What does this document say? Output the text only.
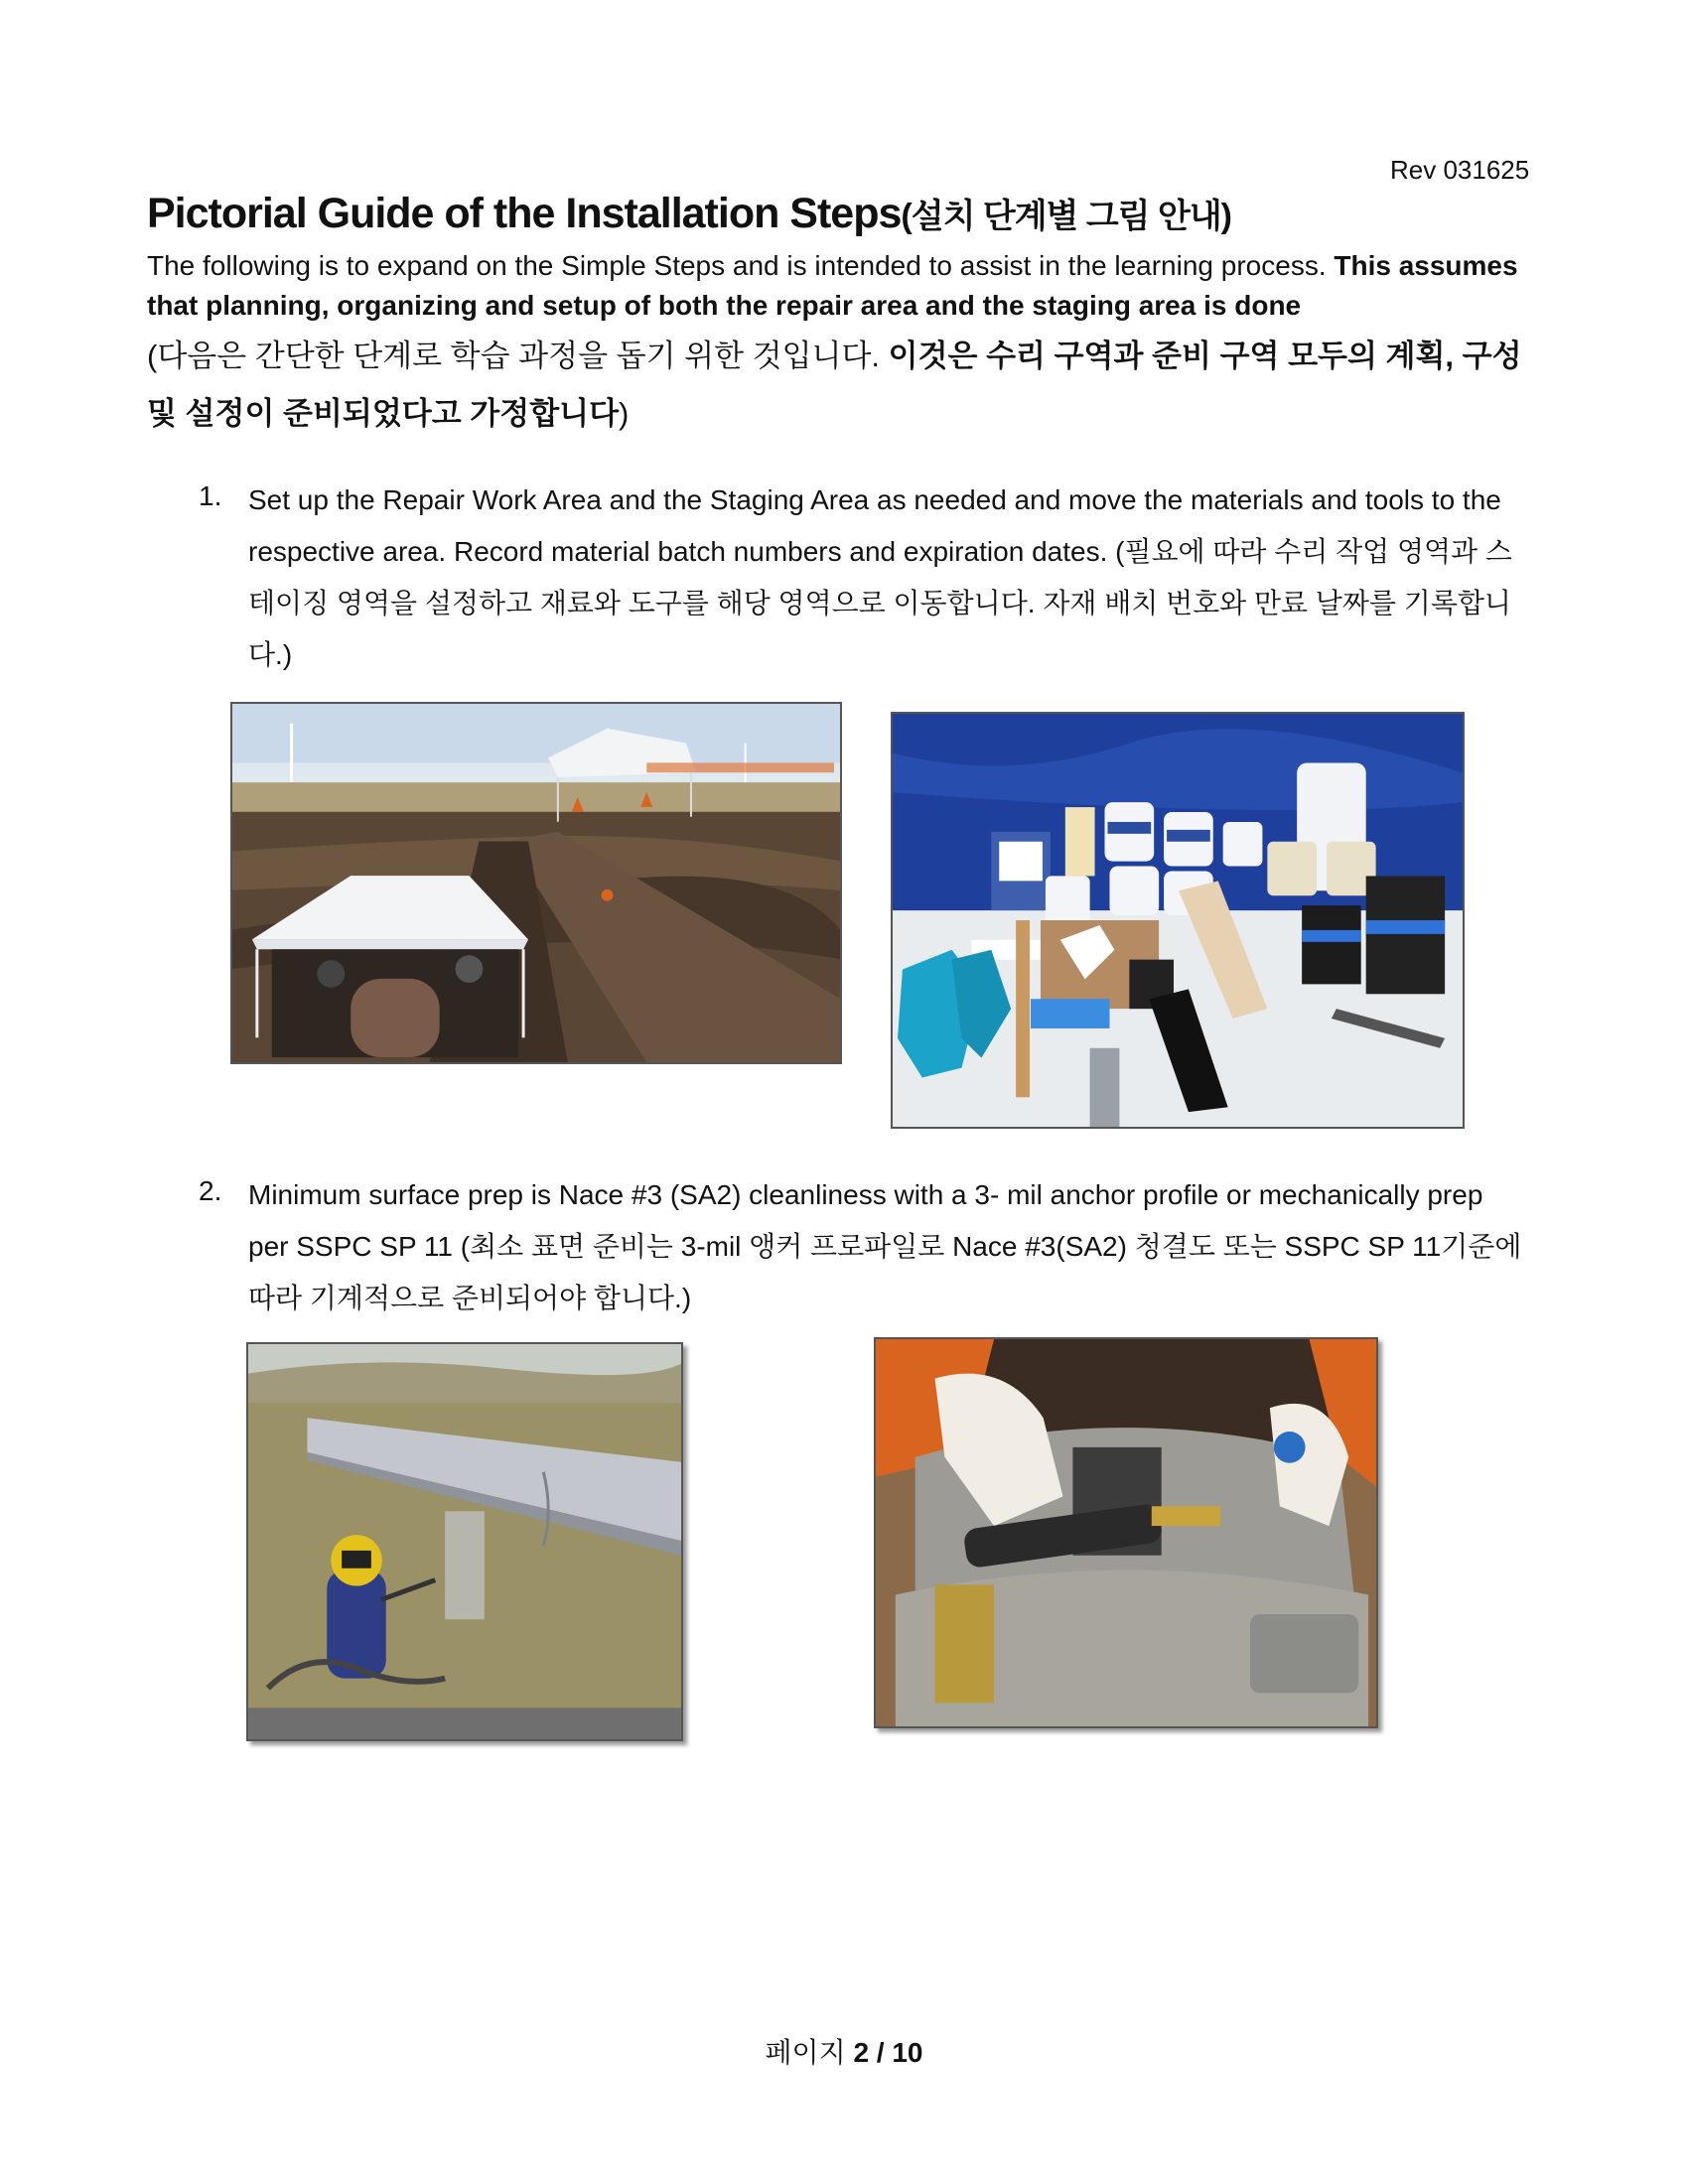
Rev 031625
Pictorial Guide of the Installation Steps(설치 단계별 그림 안내)
The following is to expand on the Simple Steps and is intended to assist in the learning process. This assumes that planning, organizing and setup of both the repair area and the staging area is done
(다음은 간단한 단계로 학습 과정을 돕기 위한 것입니다. 이것은 수리 구역과 준비 구역 모두의 계획, 구성 및 설정이 준비되었다고 가정합니다)
1. Set up the Repair Work Area and the Staging Area as needed and move the materials and tools to the respective area. Record material batch numbers and expiration dates. (필요에 따라 수리 작업 영역과 스테이징 영역을 설정하고 재료와 도구를 해당 영역으로 이동합니다. 자재 배치 번호와 만료 날짜를 기록합니다.)
2. Minimum surface prep is Nace #3 (SA2) cleanliness with a 3- mil anchor profile or mechanically prep per SSPC SP 11 (최소 표면 준비는 3-mil 앵커 프로파일로 Nace #3(SA2) 청결도 또는 SSPC SP 11기준에 따라 기계적으로 준비되어야 합니다.)
페이지 2 / 10
